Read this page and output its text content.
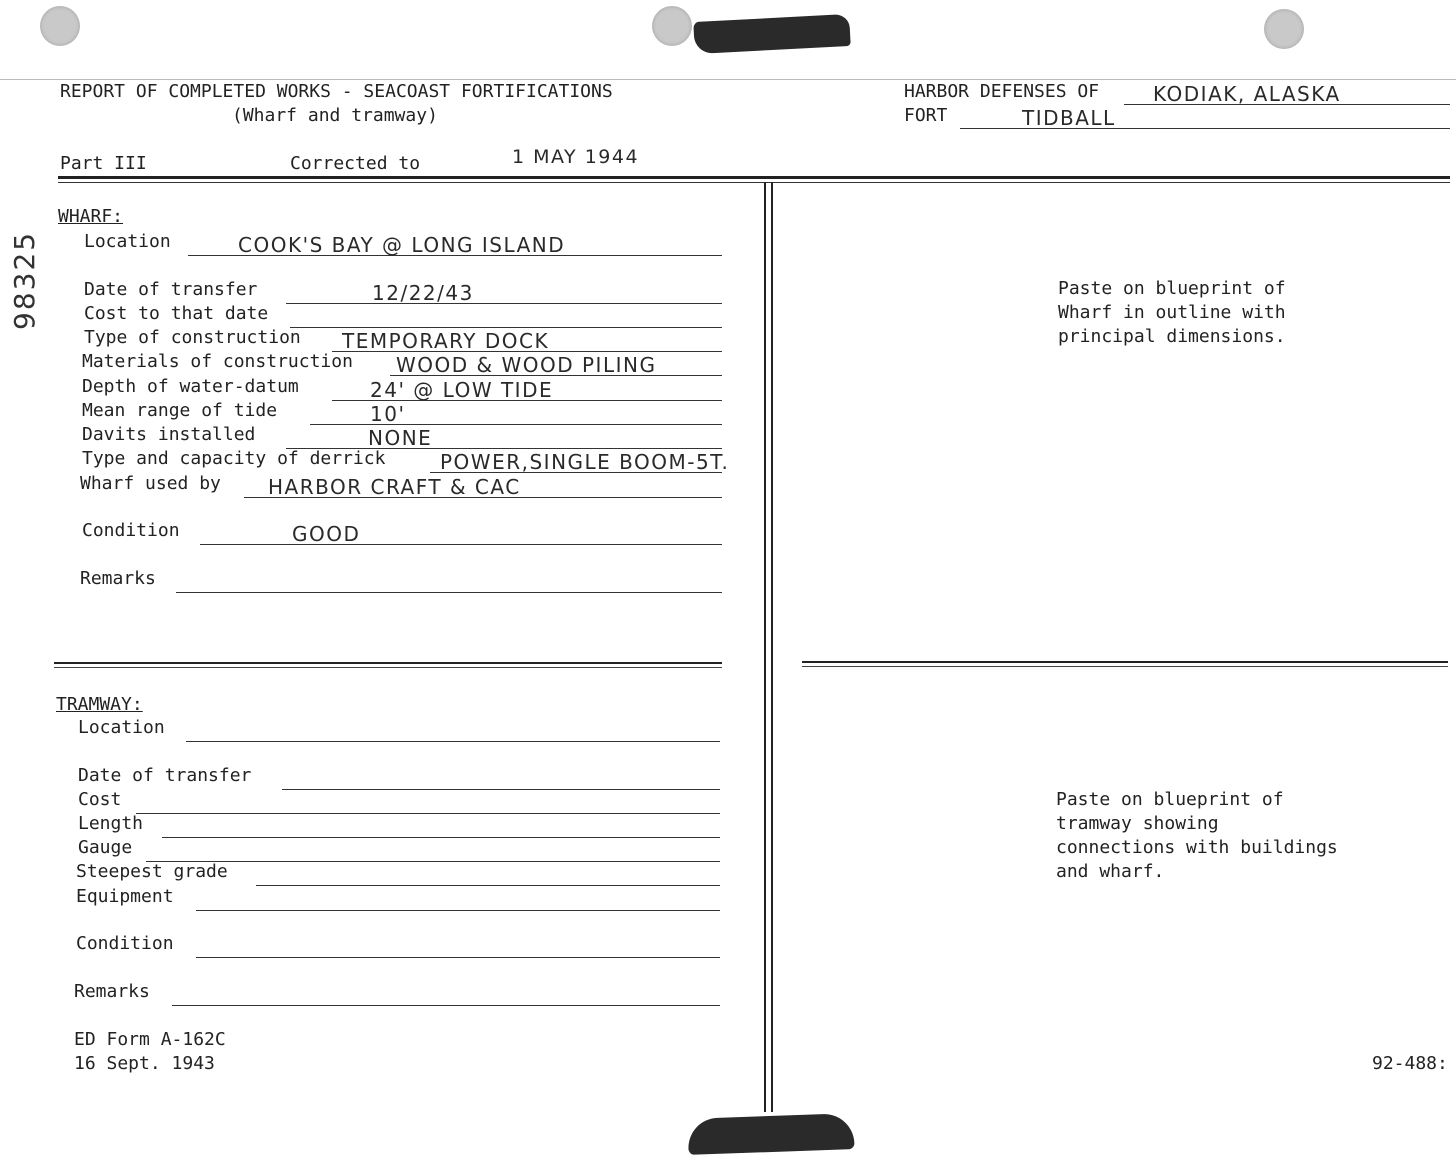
98325
REPORT OF COMPLETED WORKS - SEACOAST FORTIFICATIONS
(Wharf and tramway)
HARBOR DEFENSES OF	KODIAK, ALASKA
FORT	TIDBALL
Part III	Corrected to	1 MAY 1944
WHARF:
Location	COOK'S BAY @ LONG ISLAND
Date of transfer	12/22/43
Cost to that date
Type of construction TEMPORARY DOCK
Materials of construction WOOD & WOOD PILING
Depth of water-datum	24' @ LOW TIDE
Mean range of tide	10'
Davits installed	NONE
Type and capacity of derrick	POWER,SINGLE BOOM-5T.
Wharf used by HARBOR CRAFT & CAC
Condition	GOOD
Remarks
Paste on blueprint of
Wharf in outline with
principal dimensions.
TRAMWAY:
Location
Date of transfer
Cost
Length
Gauge
Steepest grade
Equipment
Condition
Remarks
Paste on blueprint of
tramway showing
connections with buildings
and wharf.
ED Form A-162C
16 Sept. 1943	92-488:
